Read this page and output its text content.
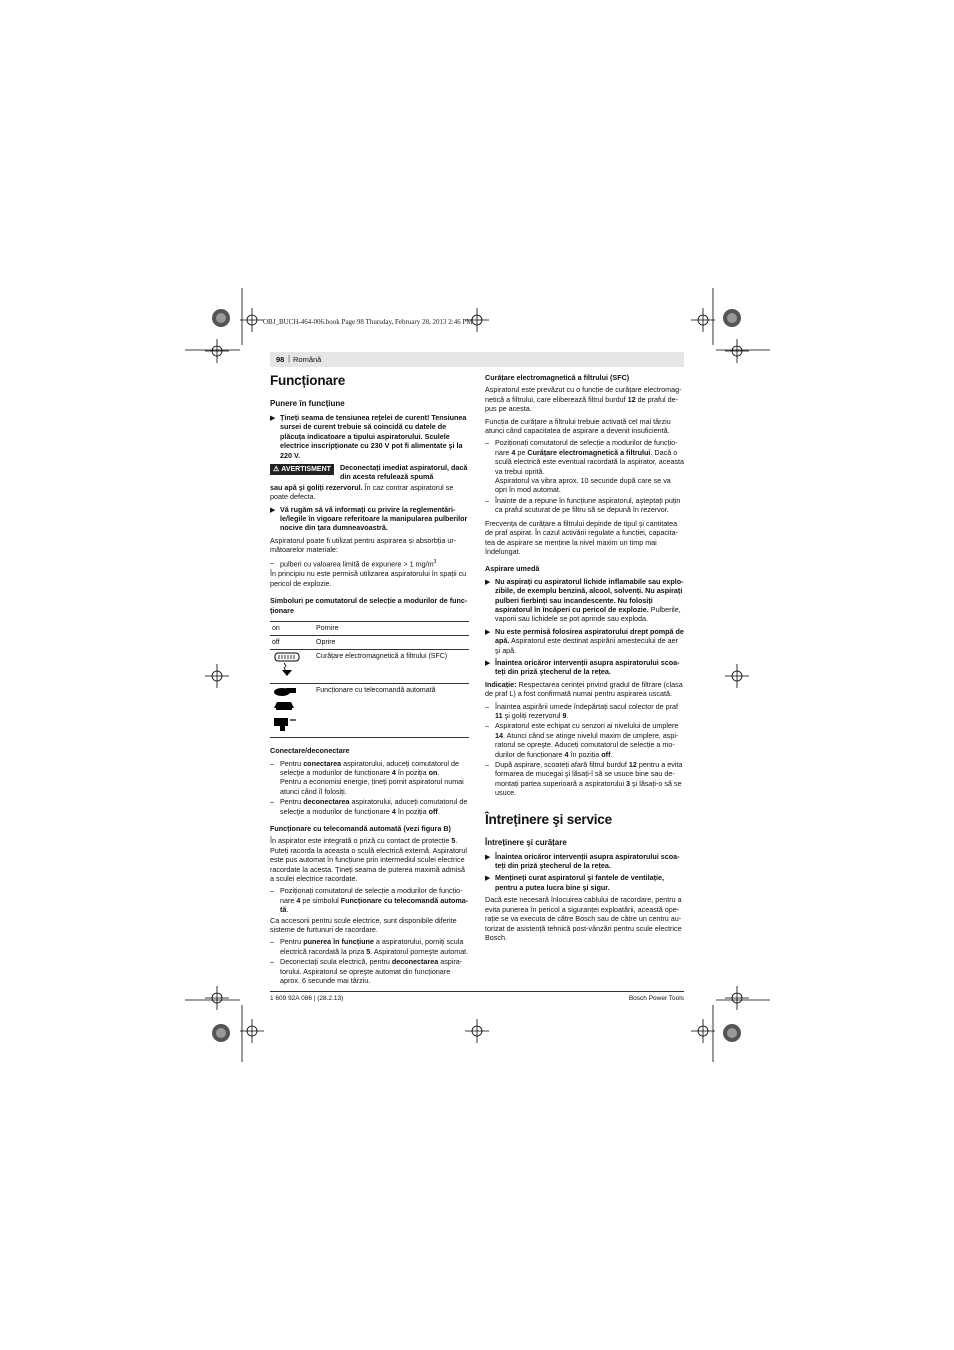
OBJ_BUCH-464-006.book Page 98 Thursday, February 28, 2013 2:46 PM
98 | Română
Funcționare
Punere în funcțiune
▶ Țineți seama de tensiunea reţelei de curent! Tensiunea sursei de curent trebuie să coincidă cu datele de plăcuța indicatoare a tipului aspiratorului. Sculele electrice inscripționate cu 230 V pot fi alimentate şi la 220 V.
⚠ AVERTISMENT Deconectați imediat aspiratorul, dacă din acesta refulează spumă

sau apă şi goliți rezervorul. În caz contrar aspiratorul se poate defecta.

▶ Vă rugăm să vă informați cu privire la reglementările/legile în vigoare referitoare la manipularea pulberilor nocive din țara dumneavoastră.

Aspiratorul poate fi utilizat pentru aspirarea și absorbția următoarelor materiale:

– pulberi cu valoarea limită de expunere > 1 $mg/m^3$

În principiu nu este permisă utilizarea aspiratorului în spații cu pericol de explozie.

Simboluri pe comutatorul de selecție a modurilor de funcționare
on	Pornire
off	Oprire
	Curățare electromagnetică a filtrului (SFC)
	Funcționare cu telecomandă automată
Conectare/deconectare
– Pentru conectarea aspiratorului, aduceți comutatorul de selecţie a modurilor de funcționare 4 în poziția on.
Pentru a economisi energie, țineți pornit aspiratorul numai atunci când îl folosiți.
– Pentru deconectarea aspiratorului, aduceți comutatorul de selecţie a modurilor de funcționare 4 în poziția off.
Funcționare cu telecomandă automată (vezi figura B)

În aspirator este integrată o priză cu contact de protecție 5. Puteți racorda la aceasta o sculă electrică externă. Aspiratorul este pus automat în funcțiune prin intermediul sculei electrice racordate la acesta. Țineți seama de puterea maximă admisă a sculei electrice racordate.

– Poziționați comutatorul de selecție a modurilor de funcționare 4 pe simbolul Funcționare cu telecomandă automată.

Ca accesorii pentru scule electrice, sunt disponibile diferite sisteme de furtunuri de racordare.

– Pentru punerea în funcțiune a aspiratorului, porniți scula electrică racordată la priza 5. Aspiratorul porneşte automat.
– Deconectați scula electrică, pentru deconectarea aspiratorului. Aspiratorul se opreşte automat din funcționare aprox. 6 secunde mai târziu.
Curățare electromagnetică a filtrului (SFC)

Aspiratorul este prevăzut cu o funcție de curățare electromagnetică a filtrului, care eliberează filtrul burduf 12 de praful depus pe acesta.

Funcția de curățare a filtrului trebuie activată cel mai târziu atunci când capacitatea de aspirare a devenit insuficientă.

– Poziționați comutatorul de selecție a modurilor de funcționare 4 pe Curățare electromagnetică a filtrului. Dacă o sculă electrică este eventual racordată la aspirator, aceasta va trebui oprită.
Aspiratorul va vibra aprox. 10 secunde după care se va opri în mod automat.
– Înainte de a repune în funcțiune aspiratorul, aşteptați puțin ca praful scuturat de pe filtru să se depună în rezervor.

Frecvența de curățare a filtrului depinde de tipul şi cantitatea de praf aspirat. În cazul activării regulate a funcției, capacitatea de aspirare se menține la nivel maxim un timp mai îndelungat.

Aspirare umedă
▶ Nu aspirați cu aspiratorul lichide inflamabile sau explozibile, de exemplu benzină, alcool, solvenți. Nu aspirați pulberi fierbinți sau incandescente. Nu folosiți aspiratorul în încăperi cu pericol de explozie. Pulberile, vaporii sau lichidele se pot aprinde sau exploda.
▶ Nu este permisă folosirea aspiratorului drept pompă de apă. Aspiratorul este destinat aspirării amestecului de aer şi apă.
▶ Înaintea oricăror intervenții asupra aspiratorului scoateți din priză ştecherul de la rețea.

Indicație: Respectarea cerinței privind gradul de filtrare (clasa de praf L) a fost confirmată numai pentru aspirarea uscată.

– Înaintea aspirării umede îndepărtați sacul colector de praf 11 şi goliți rezervorul 9.
– Aspiratorul este echipat cu senzori ai nivelului de umplere 14. Atunci când se atinge nivelul maxim de umplere, aspiratorul se opreşte. Aduceți comutatorul de selecție a modurilor de funcționare 4 în poziția off.
– După aspirare, scoateți afară filtrul burduf 12 pentru a evita formarea de mucegai şi lăsați-l să se usuce bine sau demontați partea superioară a aspiratorului 3 şi lăsați-o să se usuce.
Întreținere şi service
Întreținere şi curățare
▶ Înaintea oricăror intervenții asupra aspiratorului scoateți din priză ştecherul de la rețea.
▶ Mențineți curat aspiratorul şi fantele de ventilație, pentru a putea lucra bine şi sigur.

Dacă este necesară înlocuirea cablului de racordare, pentru a evita punerea în pericol a siguranței exploatării, această operație se va executa de către Bosch sau de către un centru autorizat de asistență tehnică post-vânzări pentru scule electrice Bosch.

1 609 92A 086 | (28.2.13)	Bosch Power Tools
